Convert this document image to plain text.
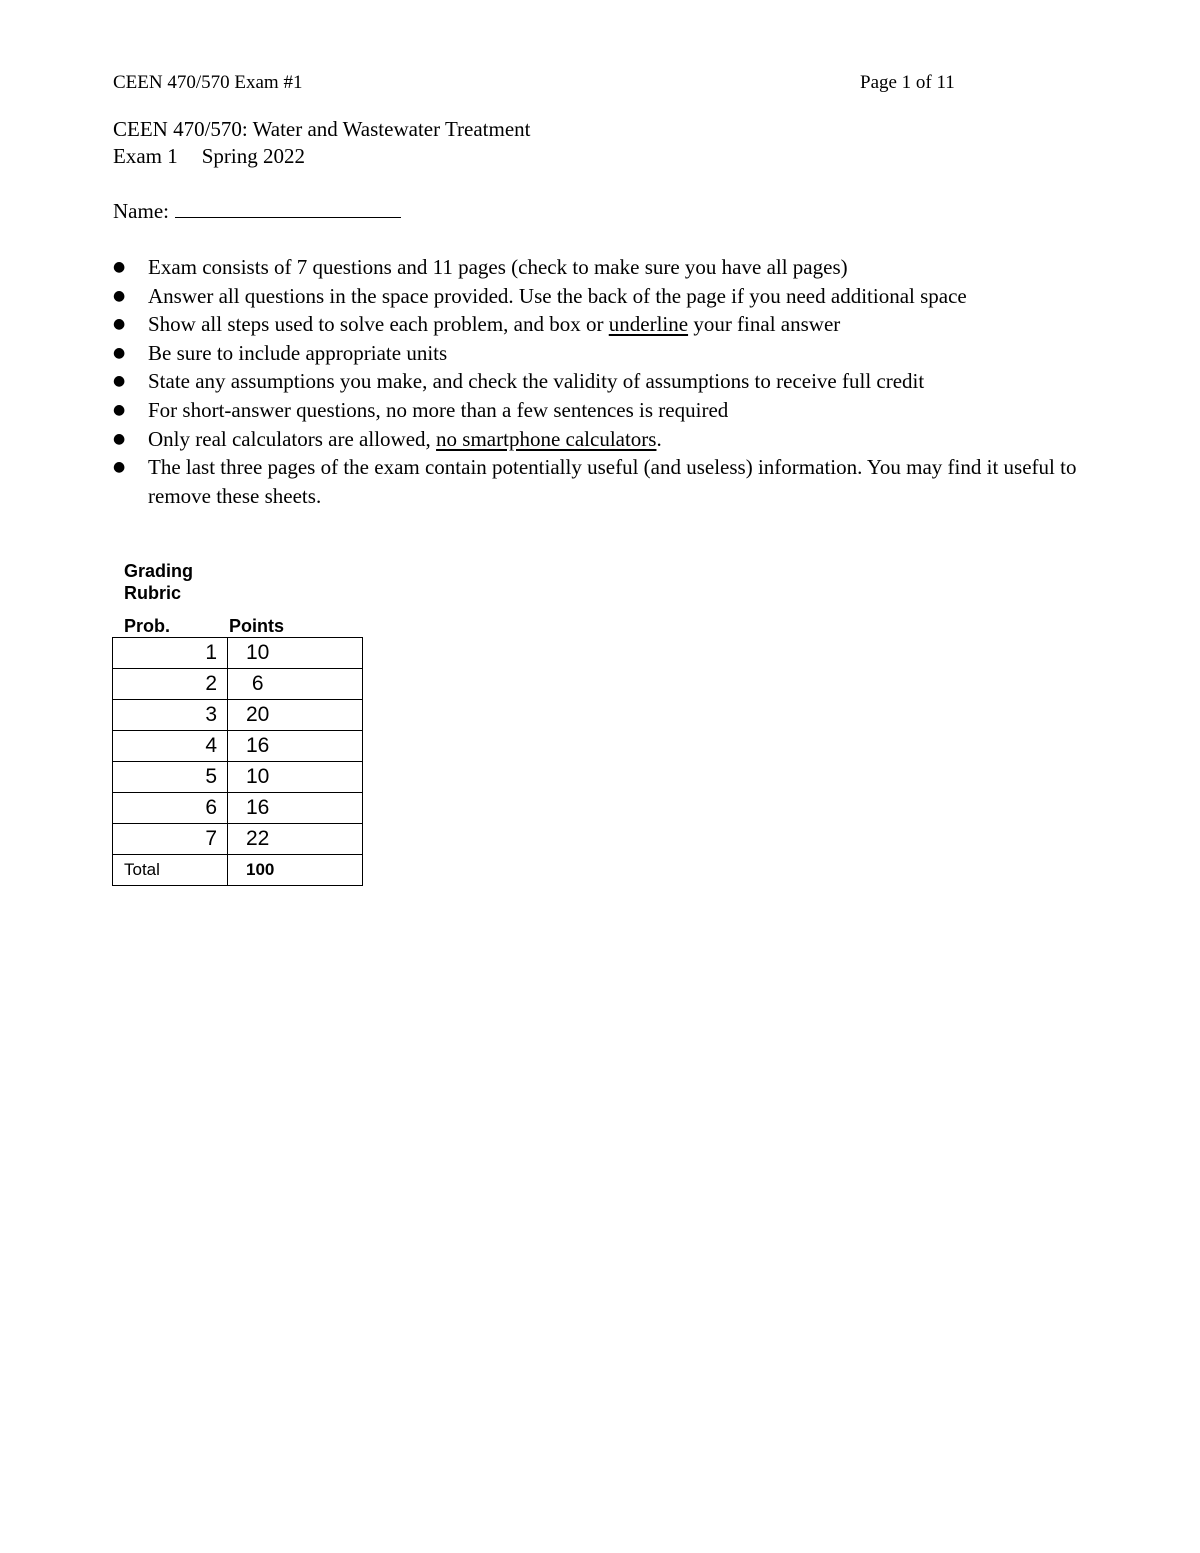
CEEN 470/570 Exam #1	Page 1 of 11
CEEN 470/570: Water and Wastewater Treatment
Exam 1 Spring 2022
Name:
● Exam consists of 7 questions and 11 pages (check to make sure you have all pages)
● Answer all questions in the space provided. Use the back of the page if you need additional space
● Show all steps used to solve each problem, and box or underline your final answer
● Be sure to include appropriate units
● State any assumptions you make, and check the validity of assumptions to receive full credit
● For short-answer questions, no more than a few sentences is required
● Only real calculators are allowed, no smartphone calculators.
● The last three pages of the exam contain potentially useful (and useless) information. You may find it useful to remove these sheets.
Grading Rubric
Prob.	Points
1	10
2	6
3	20
4	16
5	10
6	16
7	22
Total	100
